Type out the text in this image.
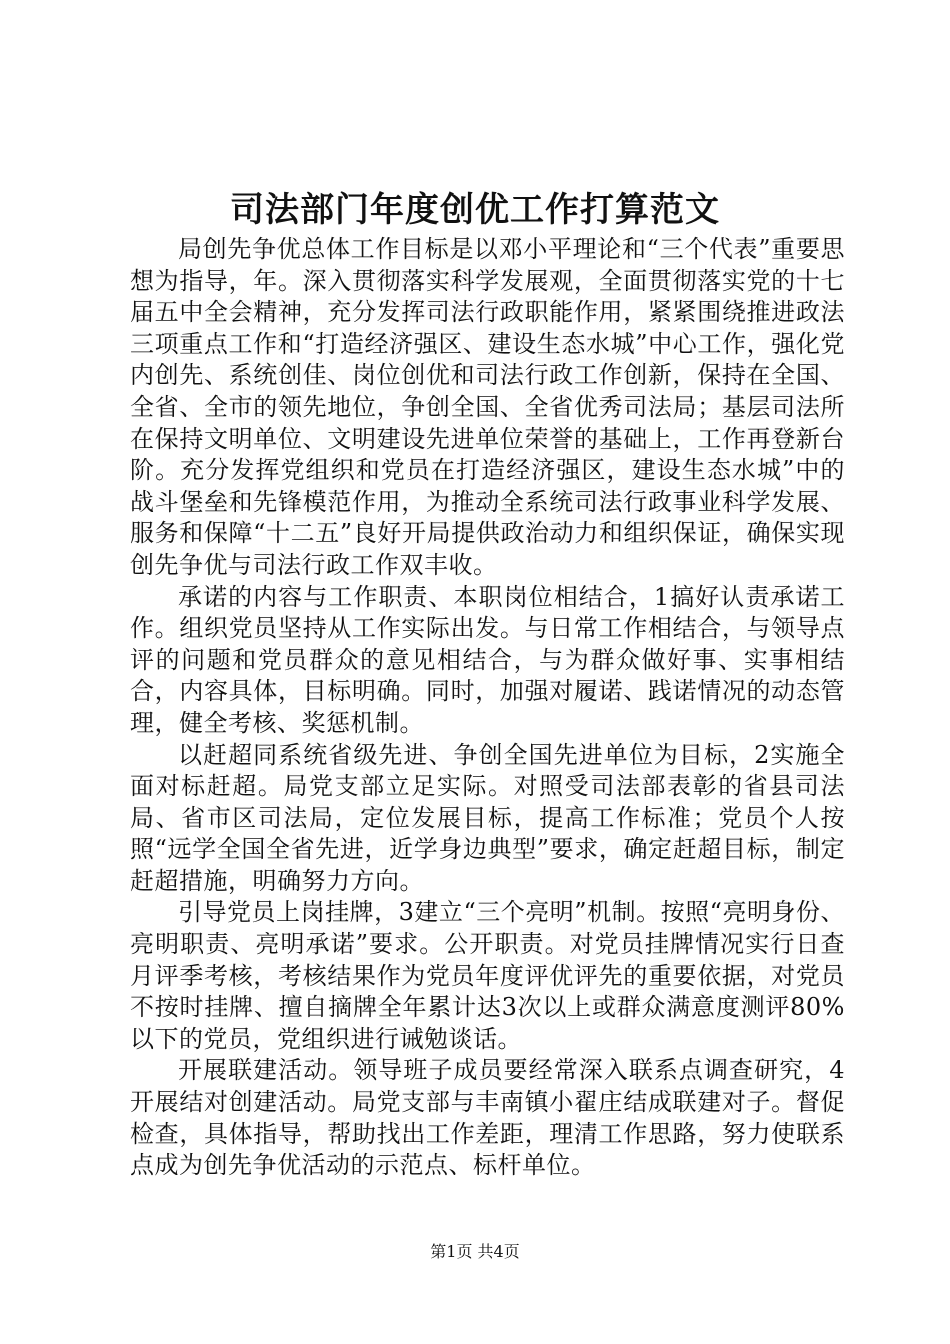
司法部门年度创优工作打算范文

局创先争优总体工作目标是以邓小平理论和“三个代表”重要思想为指导，年。深入贯彻落实科学发展观，全面贯彻落实党的十七届五中全会精神，充分发挥司法行政职能作用，紧紧围绕推进政法三项重点工作和“打造经济强区、建设生态水城”中心工作，强化党内创先、系统创佳、岗位创优和司法行政工作创新，保持在全国、全省、全市的领先地位，争创全国、全省优秀司法局；基层司法所在保持文明单位、文明建设先进单位荣誉的基础上，工作再登新台阶。充分发挥党组织和党员在打造经济强区，建设生态水城”中的战斗堡垒和先锋模范作用，为推动全系统司法行政事业科学发展、服务和保障“十二五”良好开局提供政治动力和组织保证，确保实现创先争优与司法行政工作双丰收。

承诺的内容与工作职责、本职岗位相结合，1搞好认责承诺工作。组织党员坚持从工作实际出发。与日常工作相结合，与领导点评的问题和党员群众的意见相结合，与为群众做好事、实事相结合，内容具体，目标明确。同时，加强对履诺、践诺情况的动态管理，健全考核、奖惩机制。

以赶超同系统省级先进、争创全国先进单位为目标，2实施全面对标赶超。局党支部立足实际。对照受司法部表彰的省县司法局、省市区司法局，定位发展目标，提高工作标准；党员个人按照“远学全国全省先进，近学身边典型”要求，确定赶超目标，制定赶超措施，明确努力方向。

引导党员上岗挂牌，3建立“三个亮明”机制。按照“亮明身份、亮明职责、亮明承诺”要求。公开职责。对党员挂牌情况实行日查月评季考核，考核结果作为党员年度评优评先的重要依据，对党员不按时挂牌、擅自摘牌全年累计达3次以上或群众满意度测评80%以下的党员，党组织进行诫勉谈话。

开展联建活动。领导班子成员要经常深入联系点调查研究，4开展结对创建活动。局党支部与丰南镇小翟庄结成联建对子。督促检查，具体指导，帮助找出工作差距，理清工作思路，努力使联系点成为创先争优活动的示范点、标杆单位。

第1页 共4页
